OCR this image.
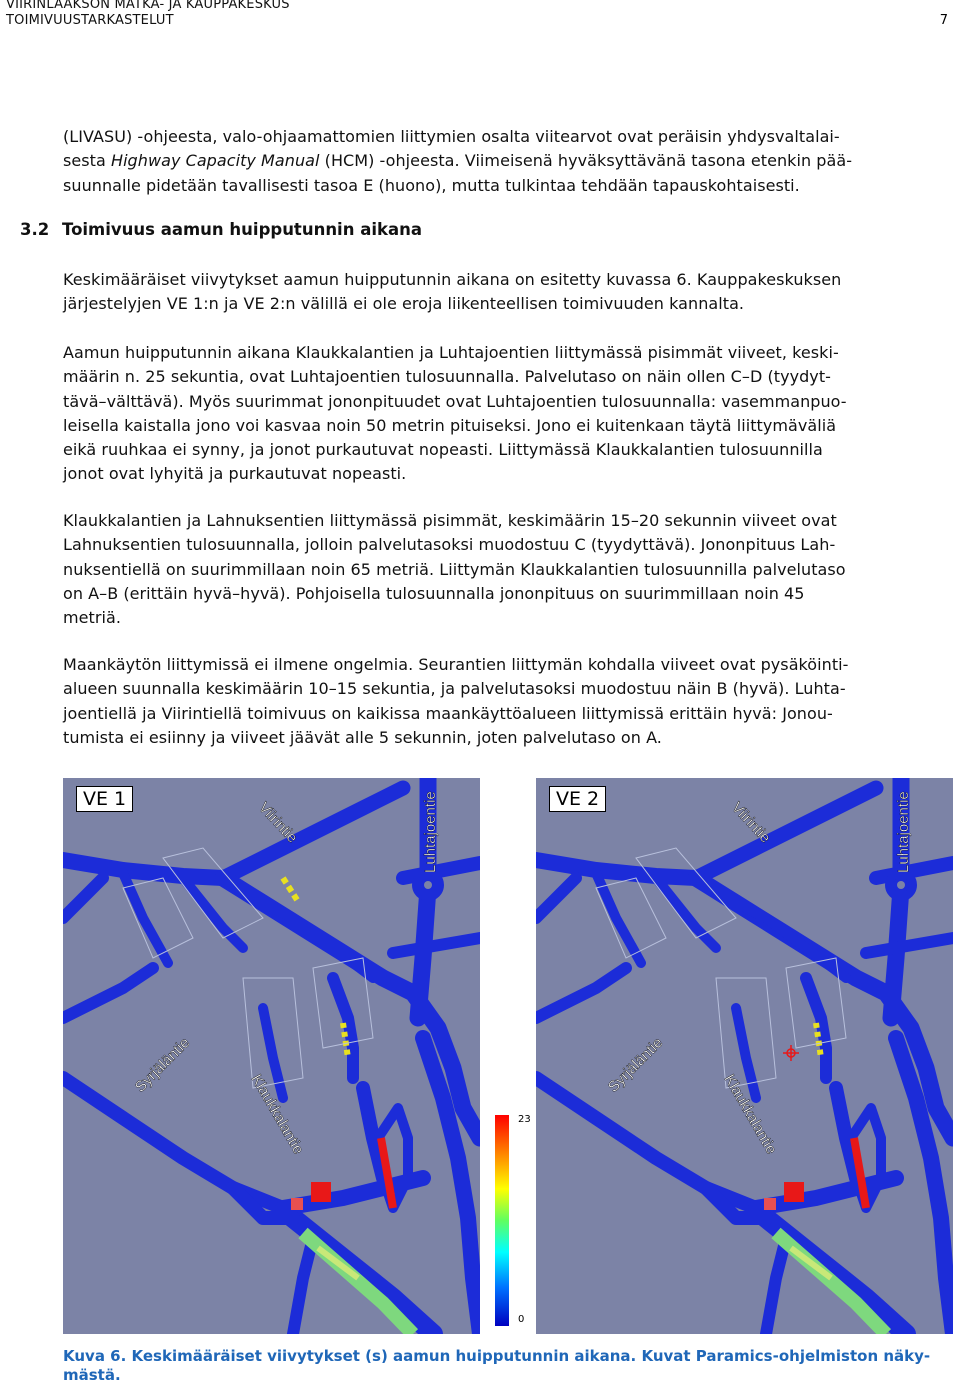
VIIRINLAAKSON MATKA- JA KAUPPAKESKUS
TOIMIVUUSTARKASTELUT	7

(LIVASU) -ohjeesta, valo-ohjaamattomien liittymien osalta viitearvot ovat peräisin yhdysvaltalai-

sesta Highway Capacity Manual (HCM) -ohjeesta. Viimeisenä hyväksyttävänä tasona etenkin pää-

suunnalle pidetään tavallisesti tasoa E (huono), mutta tulkintaa tehdään tapauskohtaisesti.

3.2 Toimivuus aamun huipputunnin aikana

Keskimääräiset viivytykset aamun huipputunnin aikana on esitetty kuvassa 6. Kauppakeskuksen

järjestelyjen VE 1:n ja VE 2:n välillä ei ole eroja liikenteellisen toimivuuden kannalta.

Aamun huipputunnin aikana Klaukkalantien ja Luhtajoentien liittymässä pisimmät viiveet, keski-

määrin n. 25 sekuntia, ovat Luhtajoentien tulosuunnalla. Palvelutaso on näin ollen C–D (tyydyt-

tävä–välttävä). Myös suurimmat jononpituudet ovat Luhtajoentien tulosuunnalla: vasemmanpuo-

leisella kaistalla jono voi kasvaa noin 50 metrin pituiseksi. Jono ei kuitenkaan täytä liittymäväliä

eikä ruuhkaa ei synny, ja jonot purkautuvat nopeasti. Liittymässä Klaukkalantien tulosuunnilla

jonot ovat lyhyitä ja purkautuvat nopeasti.

Klaukkalantien ja Lahnuksentien liittymässä pisimmät, keskimäärin 15–20 sekunnin viiveet ovat

Lahnuksentien tulosuunnalla, jolloin palvelutasoksi muodostuu C (tyydyttävä). Jononpituus Lah-

nuksentiellä on suurimmillaan noin 65 metriä. Liittymän Klaukkalantien tulosuunnilla palvelutaso

on A–B (erittäin hyvä–hyvä). Pohjoisella tulosuunnalla jononpituus on suurimmillaan noin 45

metriä.

Maankäytön liittymissä ei ilmene ongelmia. Seurantien liittymän kohdalla viiveet ovat pysäköinti-

alueen suunnalla keskimäärin 10–15 sekuntia, ja palvelutasoksi muodostuu näin B (hyvä). Luhta-

joentiellä ja Viirintiellä toimivuus on kaikissa maankäyttöalueen liittymissä erittäin hyvä: Jonou-

tumista ei esiinny ja viiveet jäävät alle 5 sekunnin, joten palvelutaso on A.

VE 1
Viirintie	Luhtajoentie
Syrjäläntie
Klaukkalantie	23
0
VE 2
Viirintie	Luhtajoentie
Syrjäläntie
Klaukkalantie
Kuva 6. Keskimääräiset viivytykset (s) aamun huipputunnin aikana. Kuvat Paramics-ohjelmiston näky-
mästä.
